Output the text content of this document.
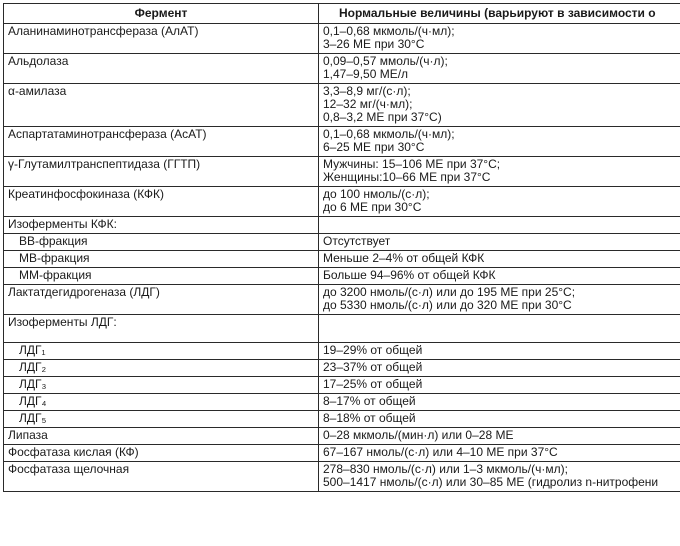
Фермент	Нормальные величины (варьируют в зависимости о
Аланинаминотрансфераза (АлАТ)	0,1–0,68 мкмоль/(ч·мл);
3–26 МЕ при 30°С

Альдолаза	0,09–0,57 ммоль/(ч·л);
1,47–9,50 МЕ/л

α-амилаза	3,3–8,9 мг/(с·л);
12–32 мг/(ч·мл);
0,8–3,2 МЕ при 37°С)

Аспартатаминотрансфераза (АсАТ)	0,1–0,68 мкмоль/(ч·мл);
6–25 МЕ при 30°С

γ-Глутамилтранспептидаза (ГГТП)	Мужчины: 15–106 МЕ при 37°С;
Женщины:10–66 МЕ при 37°С

Креатинфосфокиназа (КФК)	до 100 нмоль/(с·л);
до 6 МЕ при 30°С

Изоферменты КФК:	
ВВ-фракция	Отсутствует

МВ-фракция	Меньше 2–4% от общей КФК

ММ-фракция	Больше 94–96% от общей КФК

Лактатдегидрогеназа (ЛДГ)	до 3200 нмоль/(с·л) или до 195 МЕ при 25°С;
до 5330 нмоль/(с·л) или до 320 МЕ при 30°С

Изоферменты ЛДГ:	
ЛДГ₁	19–29% от общей

ЛДГ₂	23–37% от общей

ЛДГ₃	17–25% от общей

ЛДГ₄	8–17% от общей

ЛДГ₅	8–18% от общей

Липаза	0–28 мкмоль/(мин·л) или 0–28 МЕ

Фосфатаза кислая (КФ)	67–167 нмоль/(с·л) или 4–10 МЕ при 37°С

Фосфатаза щелочная	278–830 нмоль/(с·л) или 1–3 мкмоль/(ч·мл);
500–1417 нмоль/(с·л) или 30–85 МЕ (гидролиз n-нитрофени
